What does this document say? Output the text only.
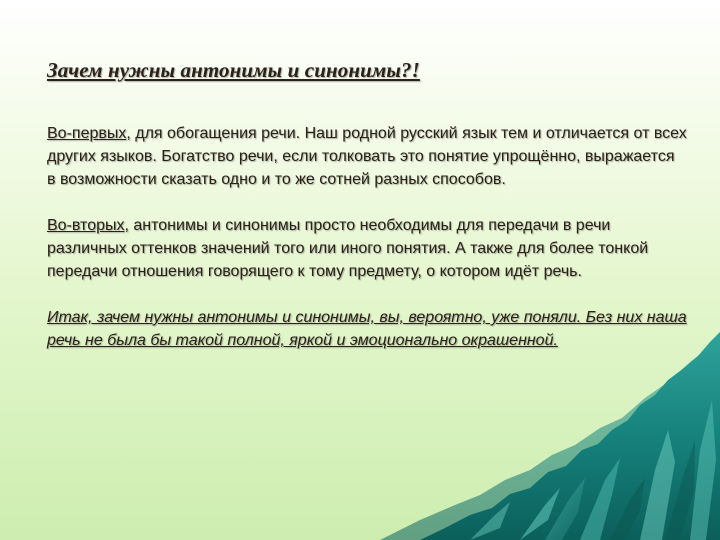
Зачем нужны антонимы и синонимы?!

Во-первых, для обогащения речи. Наш родной русский язык тем и отличается от всех других языков. Богатство речи, если толковать это понятие упрощённо, выражается в возможности сказать одно и то же сотней разных способов.

Во-вторых, антонимы и синонимы просто необходимы для передачи в речи различных оттенков значений того или иного понятия. А также для более тонкой передачи отношения говорящего к тому предмету, о котором идёт речь.

Итак, зачем нужны антонимы и синонимы, вы, вероятно, уже поняли. Без них наша речь не была бы такой полной, яркой и эмоционально окрашенной.
